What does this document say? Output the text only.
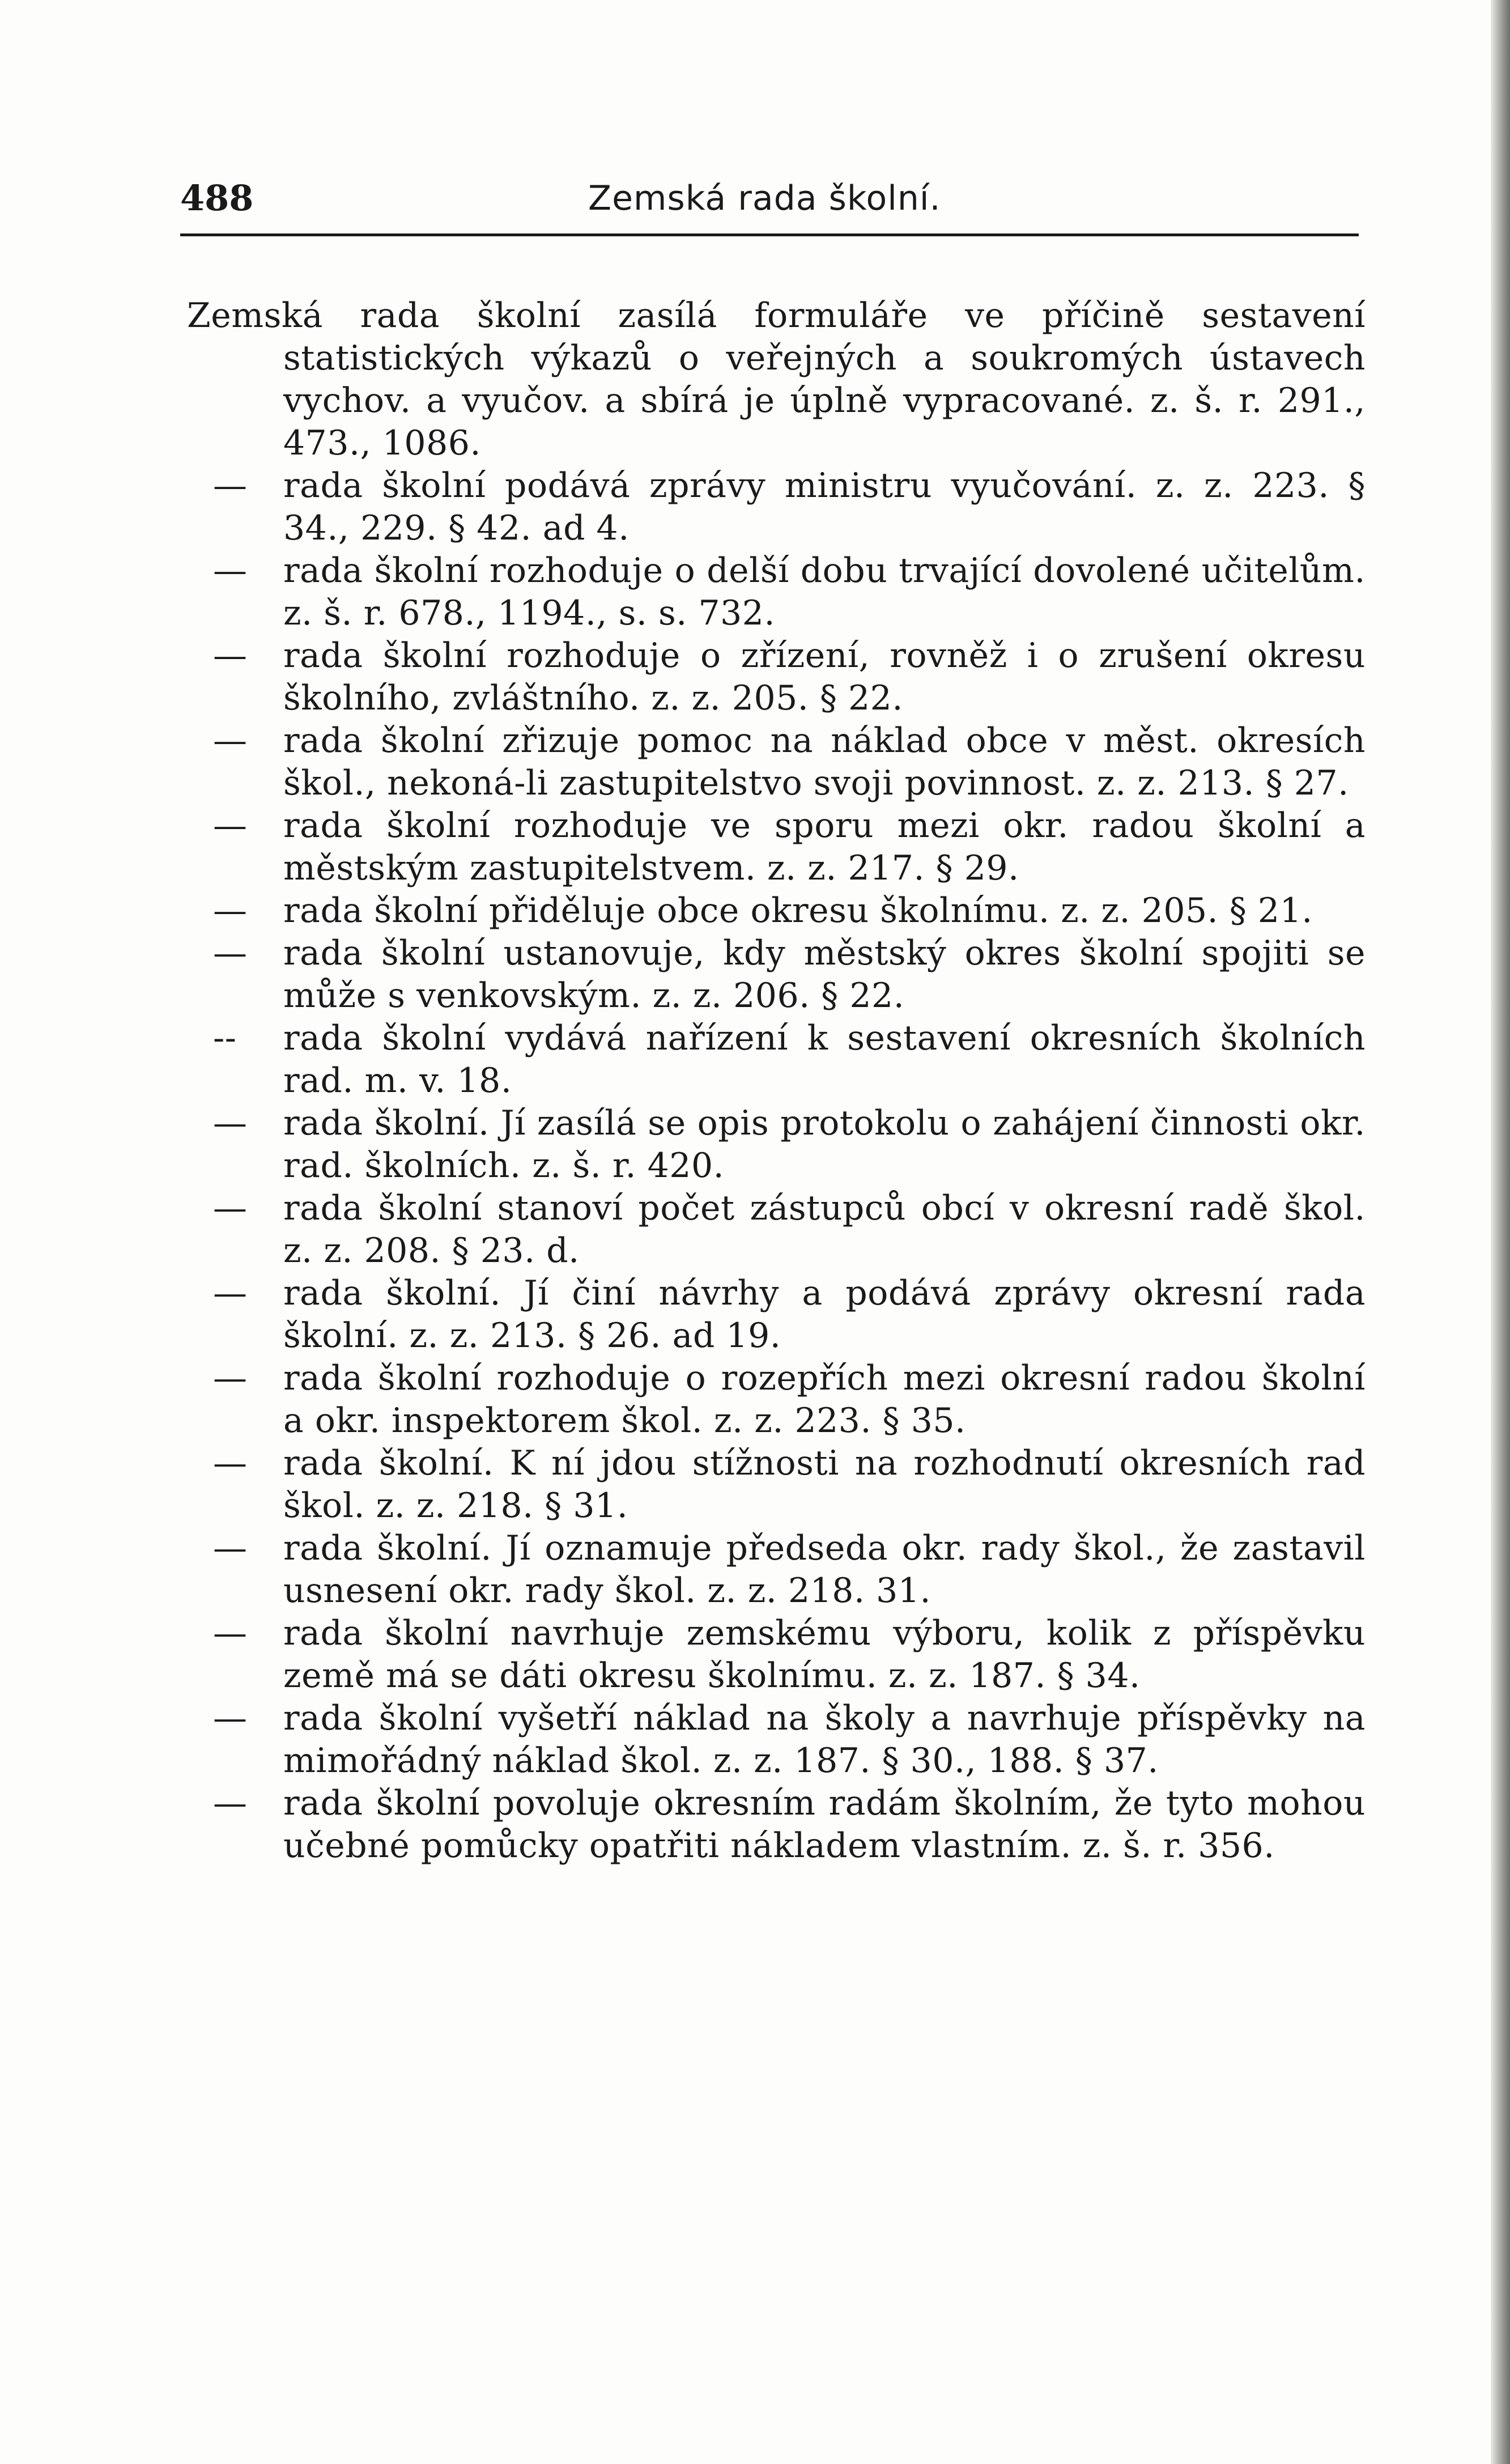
488	Zemská rada školní.
Zemská rada školní zasílá formuláře ve příčině sestavení statistických výkazů o veřejných a soukromých ústavech vychov. a vyučov. a sbírá je úplně vypracované. z. š. r. 291., 473., 1086.
—	rada školní podává zprávy ministru vyučování. z. z. 223. § 34., 229. § 42. ad 4.
—	rada školní rozhoduje o delší dobu trvající dovolené učitelům. z. š. r. 678., 1194., s. s. 732.
—	rada školní rozhoduje o zřízení, rovněž i o zrušení okresu školního, zvláštního. z. z. 205. § 22.
—	rada školní zřizuje pomoc na náklad obce v měst. okresích škol., nekoná-li zastupitelstvo svoji povinnost. z. z. 213. § 27.
—	rada školní rozhoduje ve sporu mezi okr. radou školní a městským zastupitelstvem. z. z. 217. § 29.
—	rada školní přiděluje obce okresu školnímu. z. z. 205. § 21.
—	rada školní ustanovuje, kdy městský okres školní spojiti se může s venkovským. z. z. 206. § 22.
--	rada školní vydává nařízení k sestavení okresních školních rad. m. v. 18.
—	rada školní. Jí zasílá se opis protokolu o zahájení činnosti okr. rad. školních. z. š. r. 420.
—	rada školní stanoví počet zástupců obcí v okresní radě škol. z. z. 208. § 23. d.
—	rada školní. Jí činí návrhy a podává zprávy okresní rada školní. z. z. 213. § 26. ad 19.
—	rada školní rozhoduje o rozepřích mezi okresní radou školní a okr. inspektorem škol. z. z. 223. § 35.
—	rada školní. K ní jdou stížnosti na rozhodnutí okresních rad škol. z. z. 218. § 31.
—	rada školní. Jí oznamuje předseda okr. rady škol., že zastavil usnesení okr. rady škol. z. z. 218. 31.
—	rada školní navrhuje zemskému výboru, kolik z příspěvku země má se dáti okresu školnímu. z. z. 187. § 34.
—	rada školní vyšetří náklad na školy a navrhuje příspěvky na mimořádný náklad škol. z. z. 187. § 30., 188. § 37.
—	rada školní povoluje okresním radám školním, že tyto mohou učebné pomůcky opatřiti nákladem vlastním. z. š. r. 356.
